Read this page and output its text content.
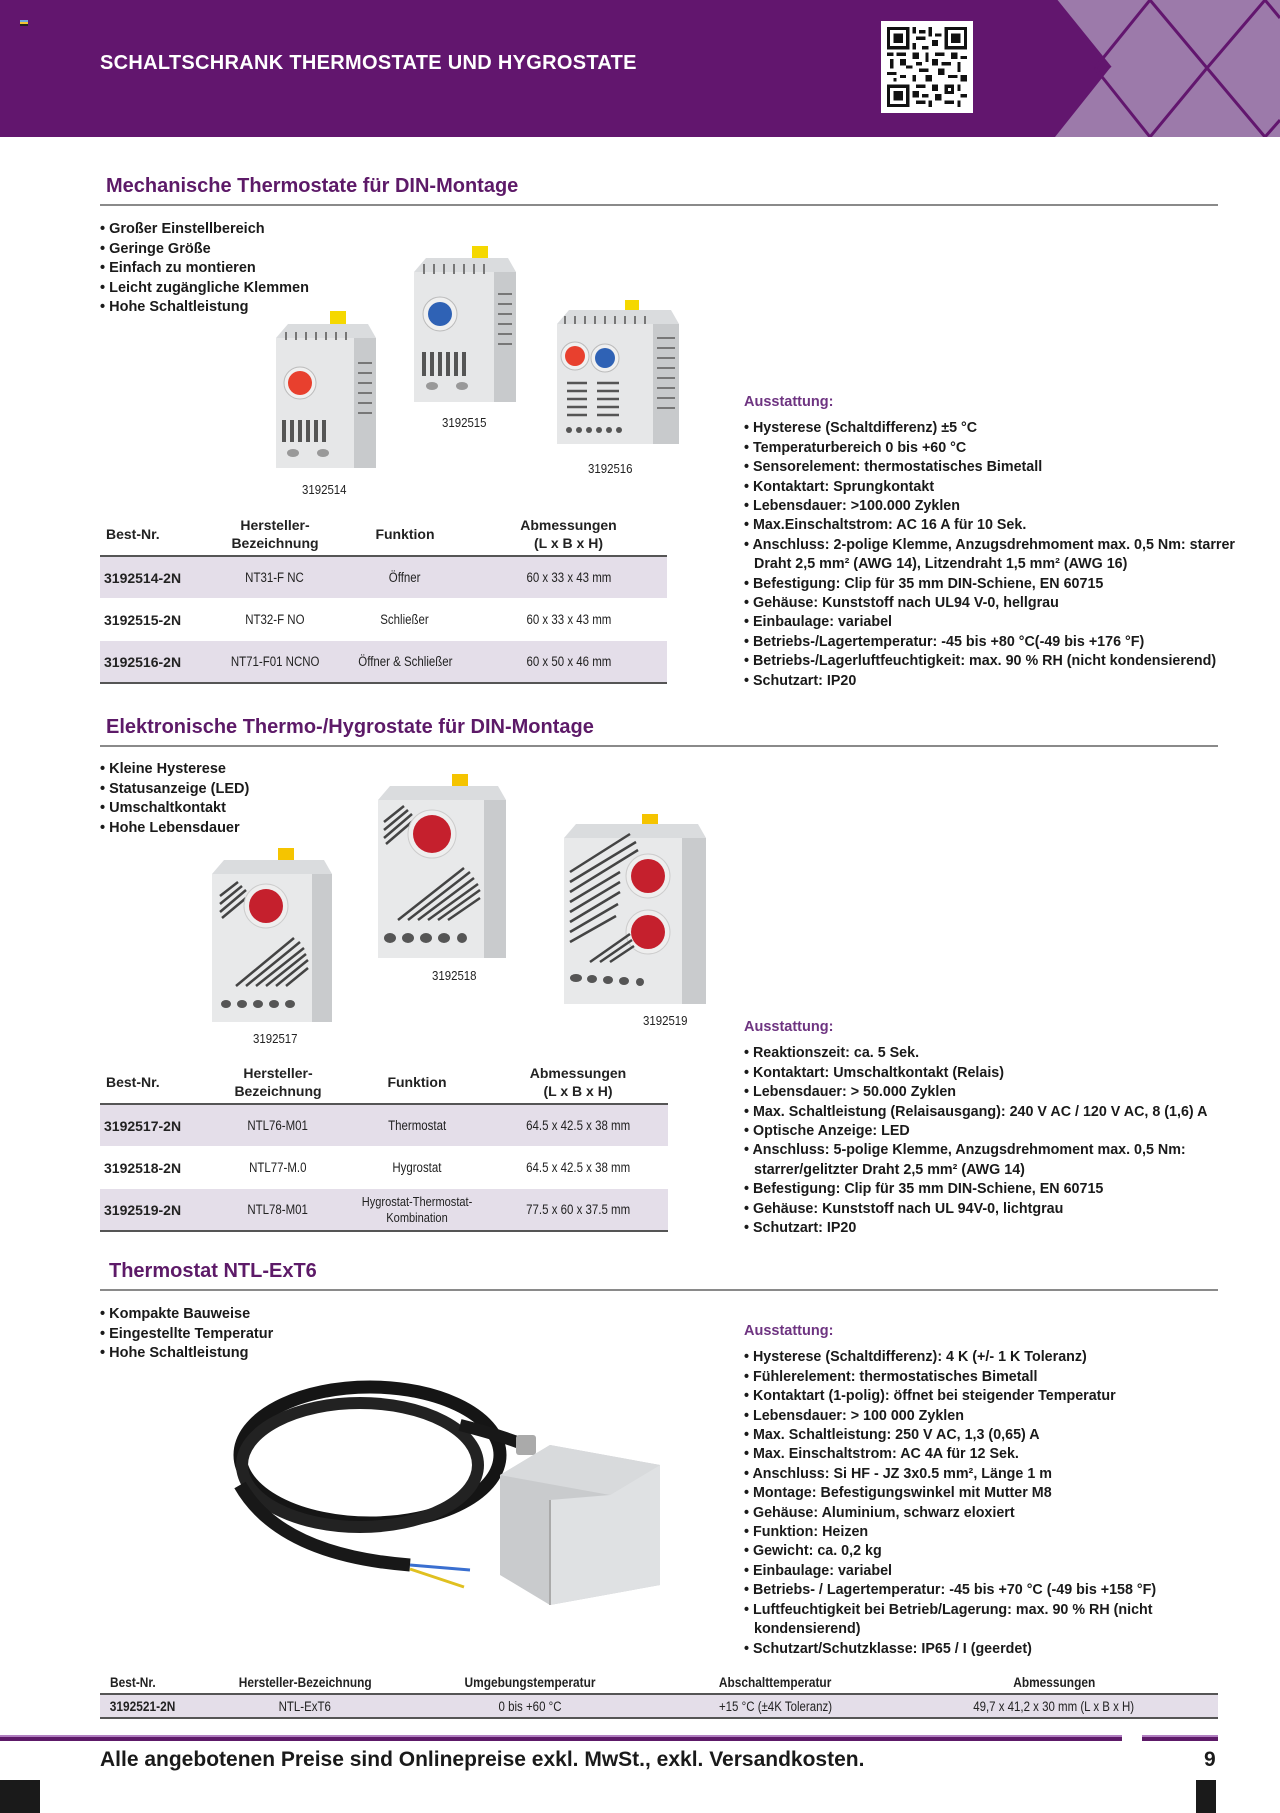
SCHALTSCHRANK THERMOSTATE UND HYGROSTATE
Mechanische Thermostate für DIN-Montage
• Großer Einstellbereich
• Geringe Größe
• Einfach zu montieren
• Leicht zugängliche Klemmen
• Hohe Schaltleistung
3192514
3192515
3192516
Ausstattung:
• Hysterese (Schaltdifferenz) ±5 °C
• Temperaturbereich 0 bis +60 °C
• Sensorelement: thermostatisches Bimetall
• Kontaktart: Sprungkontakt
• Lebensdauer: >100.000 Zyklen
• Max.Einschaltstrom: AC 16 A für 10 Sek.
• Anschluss: 2-polige Klemme, Anzugsdrehmoment max. 0,5 Nm: starrer Draht 2,5 mm² (AWG 14), Litzendraht 1,5 mm² (AWG 16)
• Befestigung: Clip für 35 mm DIN-Schiene, EN 60715
• Gehäuse: Kunststoff nach UL94 V-0, hellgrau
• Einbaulage: variabel
• Betriebs-/Lagertemperatur: -45 bis +80 °C(-49 bis +176 °F)
• Betriebs-/Lagerluftfeuchtigkeit: max. 90 % RH (nicht kondensierend)
• Schutzart: IP20
Best-Nr.	Hersteller-
Bezeichnung	Funktion	Abmessungen
(L x B x H)
3192514-2N	NT31-F NC	Öffner	60 x 33 x 43 mm
3192515-2N	NT32-F NO	Schließer	60 x 33 x 43 mm
3192516-2N	NT71-F01 NCNO	Öffner & Schließer	60 x 50 x 46 mm
Elektronische Thermo-/Hygrostate für DIN-Montage
• Kleine Hysterese
• Statusanzeige (LED)
• Umschaltkontakt
• Hohe Lebensdauer
3192517
3192518
3192519	Ausstattung:
• Reaktionszeit: ca. 5 Sek.
• Kontaktart: Umschaltkontakt (Relais)
• Lebensdauer: > 50.000 Zyklen
• Max. Schaltleistung (Relaisausgang): 240 V AC / 120 V AC, 8 (1,6) A
• Optische Anzeige: LED
• Anschluss: 5-polige Klemme, Anzugsdrehmoment max. 0,5 Nm: starrer/gelitzter Draht 2,5 mm² (AWG 14)
• Befestigung: Clip für 35 mm DIN-Schiene, EN 60715
• Gehäuse: Kunststoff nach UL 94V-0, lichtgrau
• Schutzart: IP20
Best-Nr.	Hersteller-
Bezeichnung	Funktion	Abmessungen
(L x B x H)
3192517-2N	NTL76-M01	Thermostat	64.5 x 42.5 x 38 mm
3192518-2N	NTL77-M.0	Hygrostat	64.5 x 42.5 x 38 mm
3192519-2N	NTL78-M01	Hygrostat-Thermostat-
Kombination	77.5 x 60 x 37.5 mm
Thermostat NTL-ExT6
• Kompakte Bauweise
• Eingestellte Temperatur
• Hohe Schaltleistung
Ausstattung:
• Hysterese (Schaltdifferenz): 4 K (+/- 1 K Toleranz)
• Fühlerelement: thermostatisches Bimetall
• Kontaktart (1-polig): öffnet bei steigender Temperatur
• Lebensdauer: > 100 000 Zyklen
• Max. Schaltleistung: 250 V AC, 1,3 (0,65) A
• Max. Einschaltstrom: AC 4A für 12 Sek.
• Anschluss: Si HF - JZ 3x0.5 mm², Länge 1 m
• Montage: Befestigungswinkel mit Mutter M8
• Gehäuse: Aluminium, schwarz eloxiert
• Funktion: Heizen
• Gewicht: ca. 0,2 kg
• Einbaulage: variabel
• Betriebs- / Lagertemperatur: -45 bis +70 °C (-49 bis +158 °F)
• Luftfeuchtigkeit bei Betrieb/Lagerung: max. 90 % RH (nicht kondensierend)
• Schutzart/Schutzklasse: IP65 / I (geerdet)
Best-Nr.	Hersteller-Bezeichnung	Umgebungstemperatur	Abschalttemperatur	Abmessungen
3192521-2N	NTL-ExT6	0 bis +60 °C	+15 °C (±4K Toleranz)	49,7 x 41,2 x 30 mm (L x B x H)
Alle angebotenen Preise sind Onlinepreise exkl. MwSt., exkl. Versandkosten.	9
